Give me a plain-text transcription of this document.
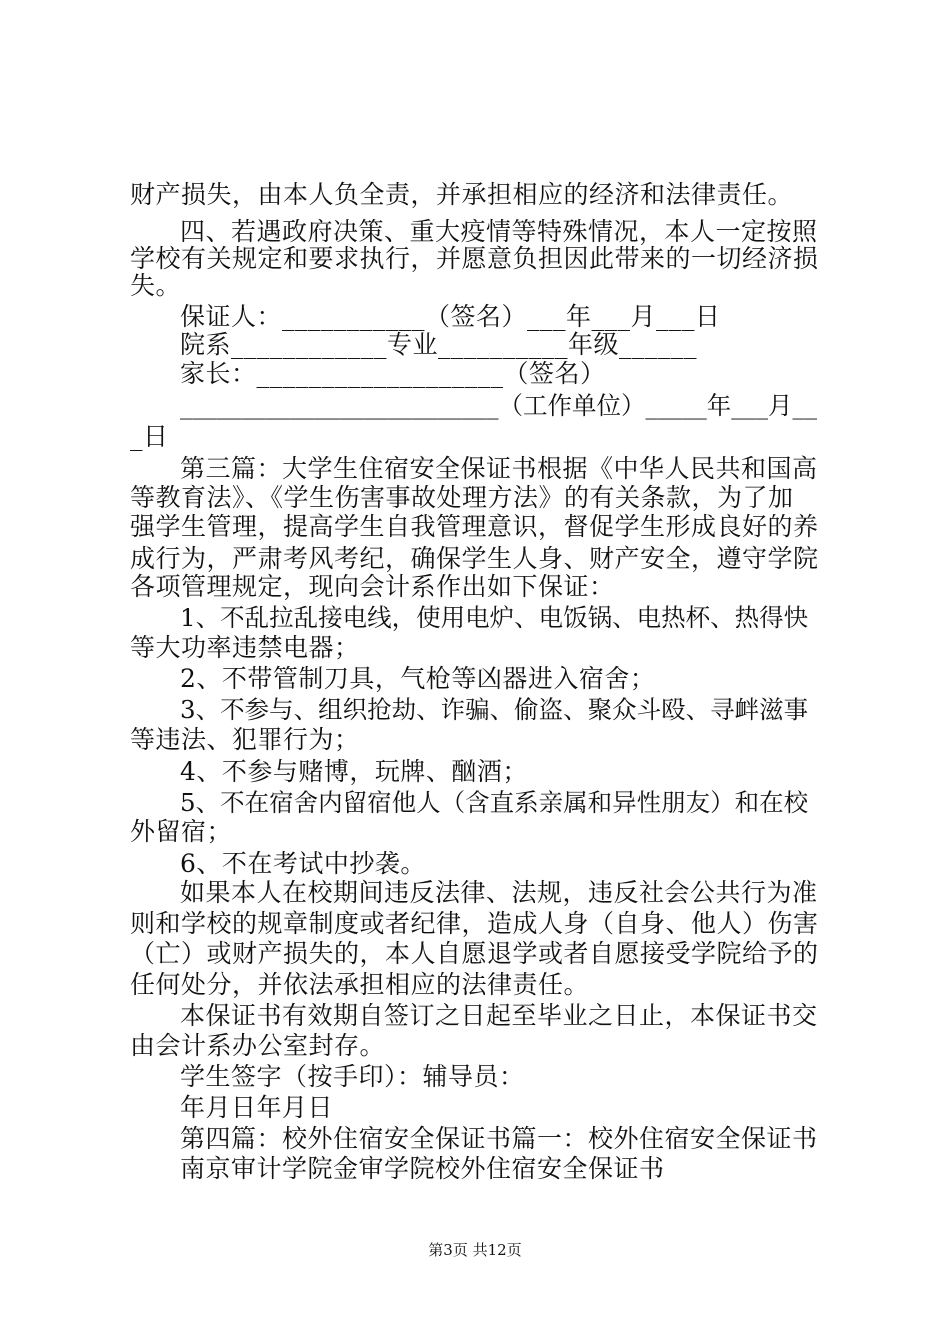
财产损失，由本人负全责，并承担相应的经济和法律责任。
四、若遇政府决策、重大疫情等特殊情况，本人一定按照
学校有关规定和要求执行，并愿意负担因此带来的一切经济损
失。
保证人：___________（签名）___年___月___日
院系____________专业__________年级______
家长：___________________（签名）
__________________________（工作单位）_____年___月__
_日
第三篇：大学生住宿安全保证书根据《中华人民共和国高
等教育法》、《学生伤害事故处理方法》的有关条款，为了加
强学生管理，提高学生自我管理意识，督促学生形成良好的养
成行为，严肃考风考纪，确保学生人身、财产安全，遵守学院
各项管理规定，现向会计系作出如下保证：
1、不乱拉乱接电线，使用电炉、电饭锅、电热杯、热得快
等大功率违禁电器；
2、不带管制刀具，气枪等凶器进入宿舍；
3、不参与、组织抢劫、诈骗、偷盗、聚众斗殴、寻衅滋事
等违法、犯罪行为；
4、不参与赌博，玩牌、酗酒；
5、不在宿舍内留宿他人（含直系亲属和异性朋友）和在校
外留宿；
6、不在考试中抄袭。
如果本人在校期间违反法律、法规，违反社会公共行为准
则和学校的规章制度或者纪律，造成人身（自身、他人）伤害
（亡）或财产损失的，本人自愿退学或者自愿接受学院给予的
任何处分，并依法承担相应的法律责任。
本保证书有效期自签订之日起至毕业之日止，本保证书交
由会计系办公室封存。
学生签字（按手印）：辅导员：
年月日年月日
第四篇：校外住宿安全保证书篇一：校外住宿安全保证书
南京审计学院金审学院校外住宿安全保证书
第3页 共12页
